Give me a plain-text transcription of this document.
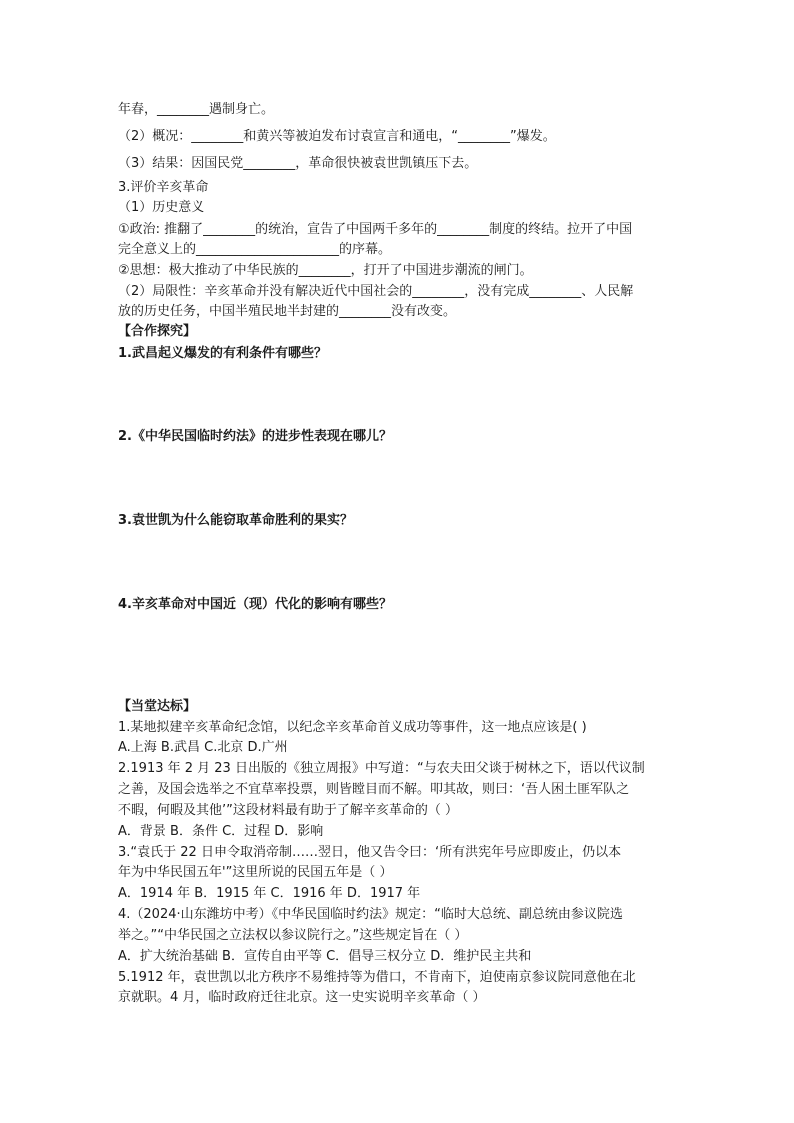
年春，________遇制身亡。
（2）概况：________和黄兴等被迫发布讨袁宣言和通电，“________”爆发。
（3）结果：因国民党________，革命很快被袁世凯镇压下去。
3.评价辛亥革命
（1）历史意义
①政治: 推翻了________的统治，宣告了中国两千多年的________制度的终结。拉开了中国
完全意义上的______________________的序幕。
②思想：极大推动了中华民族的________，打开了中国进步潮流的闸门。
（2）局限性：辛亥革命并没有解决近代中国社会的________，没有完成________、人民解
放的历史任务，中国半殖民地半封建的________没有改变。
【合作探究】
1.武昌起义爆发的有利条件有哪些？
2.《中华民国临时约法》的进步性表现在哪儿？
3.袁世凯为什么能窃取革命胜利的果实？
4.辛亥革命对中国近（现）代化的影响有哪些？
【当堂达标】
1.某地拟建辛亥革命纪念馆，以纪念辛亥革命首义成功等事件，这一地点应该是( )
A.上海 B.武昌 C.北京 D.广州
2.1913 年 2 月 23 日出版的《独立周报》中写道：“与农夫田父谈于树林之下，语以代议制
之善，及国会选举之不宜草率投票，则皆瞠目而不解。叩其故，则曰：‘吾人困土匪军队之
不暇，何暇及其他’”这段材料最有助于了解辛亥革命的（ ）
A．背景 B．条件 C．过程 D．影响
3.“袁氏于 22 日申令取消帝制……翌日，他又告令曰：‘所有洪宪年号应即废止，仍以本
年为中华民国五年'”这里所说的民国五年是（ ）
A．1914 年 B．1915 年 C．1916 年 D．1917 年
4.（2024·山东潍坊中考）《中华民国临时约法》规定：“临时大总统、副总统由参议院选
举之。”“中华民国之立法权以参议院行之。”这些规定旨在（ ）
A．扩大统治基础 B．宣传自由平等 C．倡导三权分立 D．维护民主共和
5.1912 年，袁世凯以北方秩序不易维持等为借口，不肯南下，迫使南京参议院同意他在北
京就职。4 月，临时政府迁往北京。这一史实说明辛亥革命（ ）
